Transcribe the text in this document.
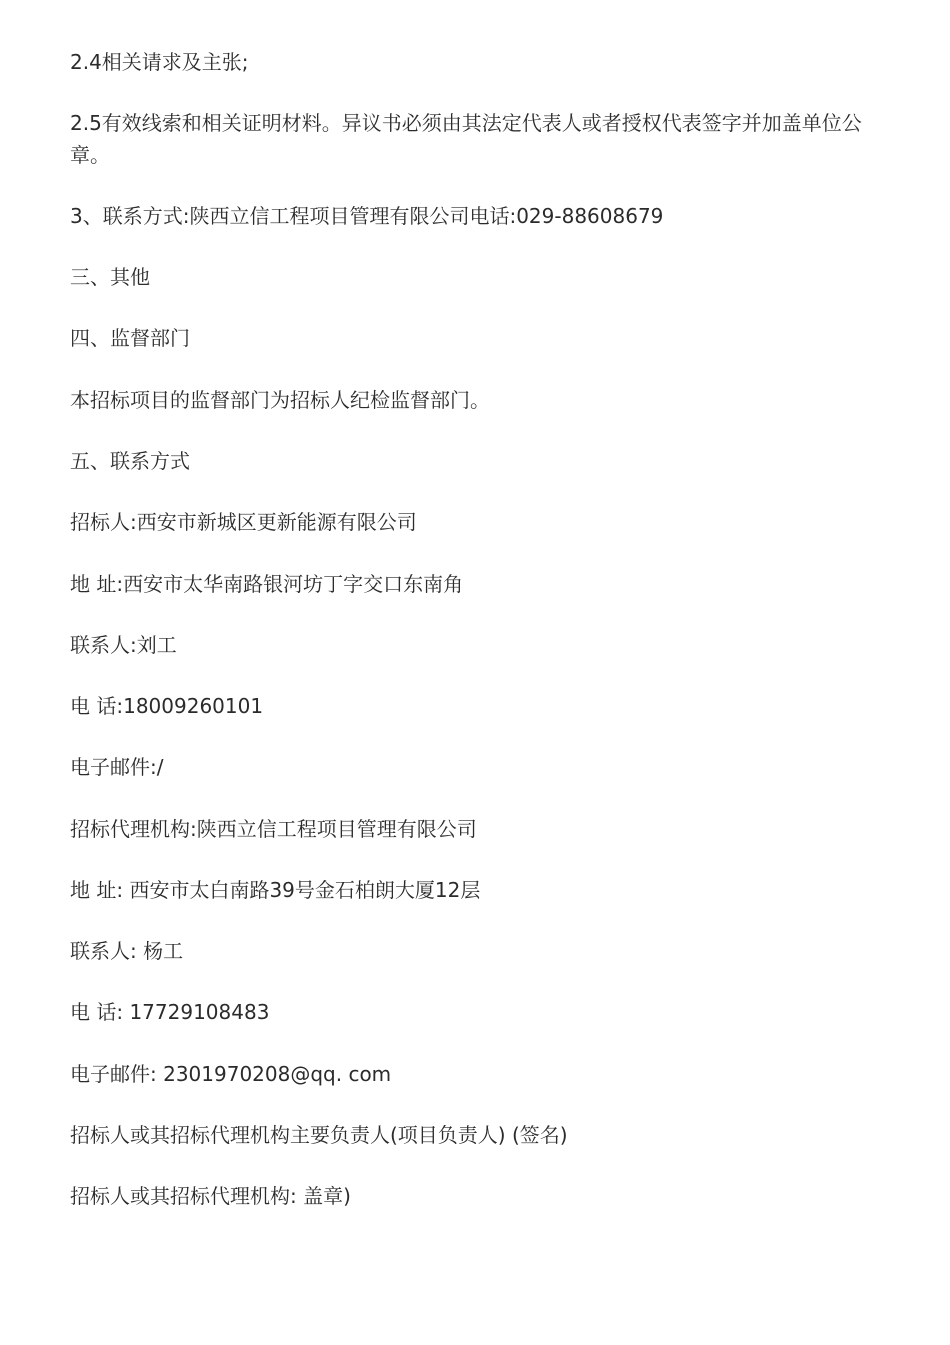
2.4相关请求及主张;

2.5有效线索和相关证明材料。异议书必须由其法定代表人或者授权代表签字并加盖单位公章。

3、联系方式:陕西立信工程项目管理有限公司电话:029-88608679

三、其他

四、监督部门

本招标项目的监督部门为招标人纪检监督部门。

五、联系方式

招标人:西安市新城区更新能源有限公司

地 址:西安市太华南路银河坊丁字交口东南角

联系人:刘工

电 话:18009260101

电子邮件:/

招标代理机构:陕西立信工程项目管理有限公司

地 址: 西安市太白南路39号金石柏朗大厦12层

联系人: 杨工

电 话: 17729108483

电子邮件: 2301970208@qq. com

招标人或其招标代理机构主要负责人(项目负责人) (签名)

招标人或其招标代理机构: 盖章)
